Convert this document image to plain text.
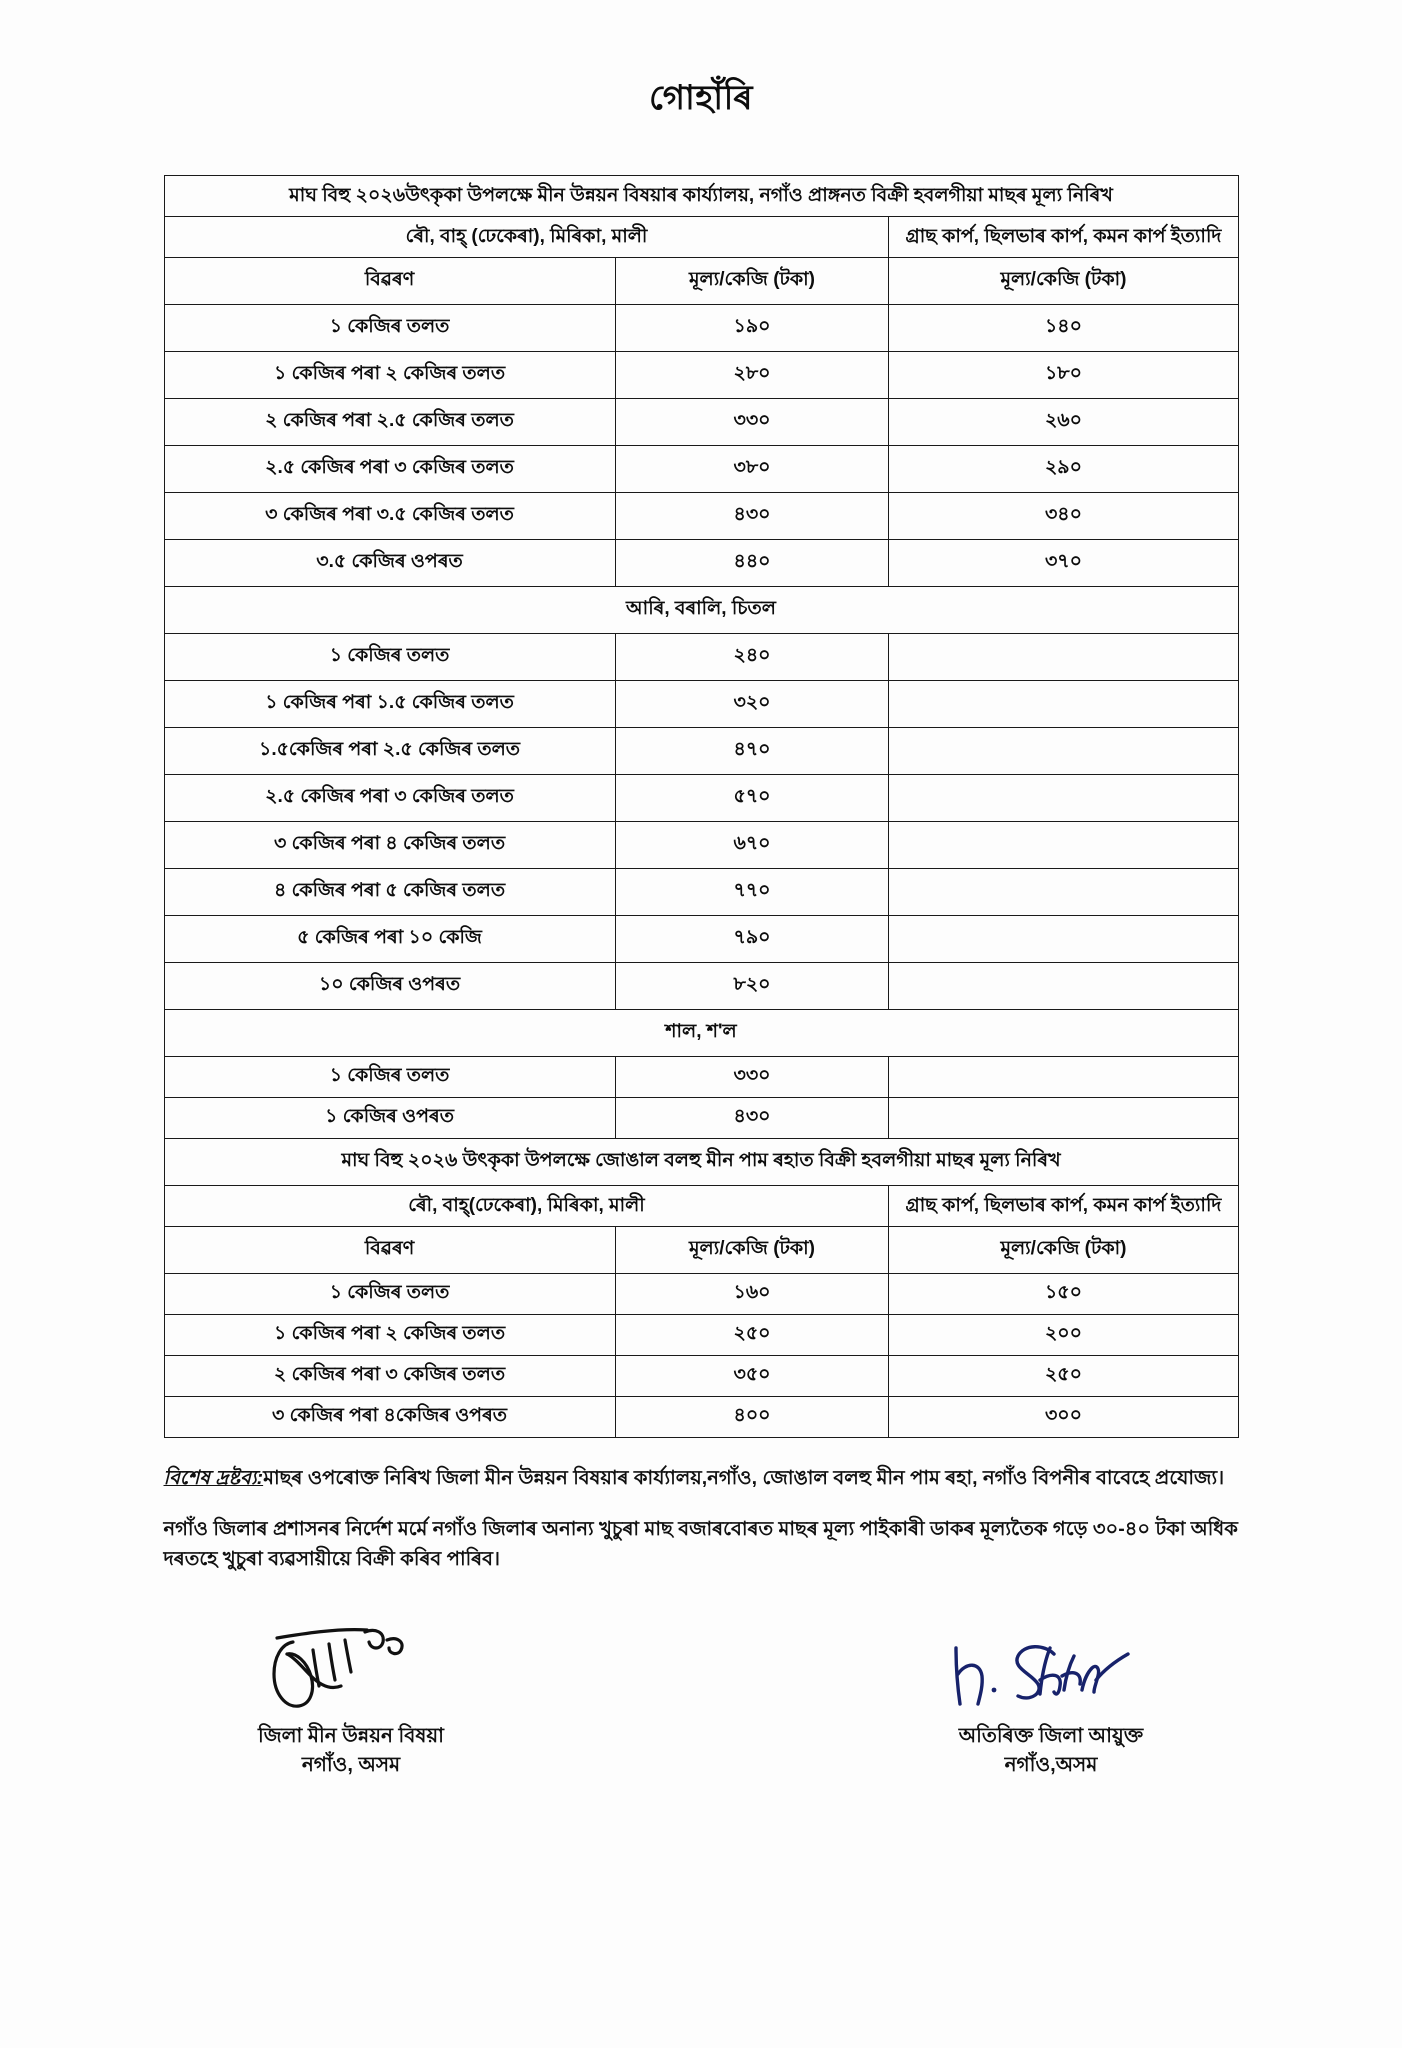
গোহাঁৰি
মাঘ বিহু ২০২৬উৎকৃকা উপলক্ষে মীন উন্নয়ন বিষয়াৰ কাৰ্য্যালয়, নগাঁও প্ৰাঙ্গনত বিক্ৰী হবলগীয়া মাছৰ মূল্য নিৰিখ		
ৰৌ, বাহ্‌ (ঢেকেৰা), মিৰিকা, মালী		গ্ৰাছ কাৰ্প, ছিলভাৰ কাৰ্প, কমন কাৰ্প ইত্যাদি
বিৱৰণ	মূল্য/কেজি (টকা)	মূল্য/কেজি (টকা)
১ কেজিৰ তলত	১৯০	১৪০
১ কেজিৰ পৰা ২ কেজিৰ তলত	২৮০	১৮০
২ কেজিৰ পৰা ২.৫ কেজিৰ তলত	৩৩০	২৬০
২.৫ কেজিৰ পৰা ৩ কেজিৰ তলত	৩৮০	২৯০
৩ কেজিৰ পৰা ৩.৫ কেজিৰ তলত	৪৩০	৩৪০
৩.৫ কেজিৰ ওপৰত	৪৪০	৩৭০
আৰি, বৰালি, চিতল		
১ কেজিৰ তলত	২৪০	
১ কেজিৰ পৰা ১.৫ কেজিৰ তলত	৩২০	
১.৫কেজিৰ পৰা ২.৫ কেজিৰ তলত	৪৭০	
২.৫ কেজিৰ পৰা ৩ কেজিৰ তলত	৫৭০	
৩ কেজিৰ পৰা ৪ কেজিৰ তলত	৬৭০	
৪ কেজিৰ পৰা ৫ কেজিৰ তলত	৭৭০	
৫ কেজিৰ পৰা ১০ কেজি	৭৯০	
১০ কেজিৰ ওপৰত	৮২০	
শাল, শ'ল		
১ কেজিৰ তলত	৩৩০	
১ কেজিৰ ওপৰত	৪৩০	
মাঘ বিহু ২০২৬ উৎকৃকা উপলক্ষে জোঙাল বলহু মীন পাম ৰহাত বিক্ৰী হবলগীয়া মাছৰ মূল্য নিৰিখ		
ৰৌ, বাহ্‌(ঢেকেৰা), মিৰিকা, মালী		গ্ৰাছ কাৰ্প, ছিলভাৰ কাৰ্প, কমন কাৰ্প ইত্যাদি
বিৱৰণ	মূল্য/কেজি (টকা)	মূল্য/কেজি (টকা)
১ কেজিৰ তলত	১৬০	১৫০
১ কেজিৰ পৰা ২ কেজিৰ তলত	২৫০	২০০
২ কেজিৰ পৰা ৩ কেজিৰ তলত	৩৫০	২৫০
৩ কেজিৰ পৰা ৪কেজিৰ ওপৰত	৪০০	৩০০

বিশেষ দ্ৰষ্টব্য:মাছৰ ওপৰোক্ত নিৰিখ জিলা মীন উন্নয়ন বিষয়াৰ কাৰ্য্যালয়,নগাঁও, জোঙাল বলহু মীন পাম ৰহা, নগাঁও বিপনীৰ বাবেহে প্ৰযোজ্য।

নগাঁও জিলাৰ প্ৰশাসনৰ নিৰ্দেশ মৰ্মে নগাঁও জিলাৰ অনান্য খুচুৰা মাছ বজাৰবোৰত মাছৰ মূল্য পাইকাৰী ডাকৰ মূল্যতৈক গড়ে ৩০-৪০ টকা অধিক দৰতহে খুচুৰা ব্যৱসায়ীয়ে বিক্ৰী কৰিব পাৰিব।

জিলা মীন উন্নয়ন বিষয়া
নগাঁও, অসম
অতিৰিক্ত জিলা আয়ুক্ত
নগাঁও,অসম
